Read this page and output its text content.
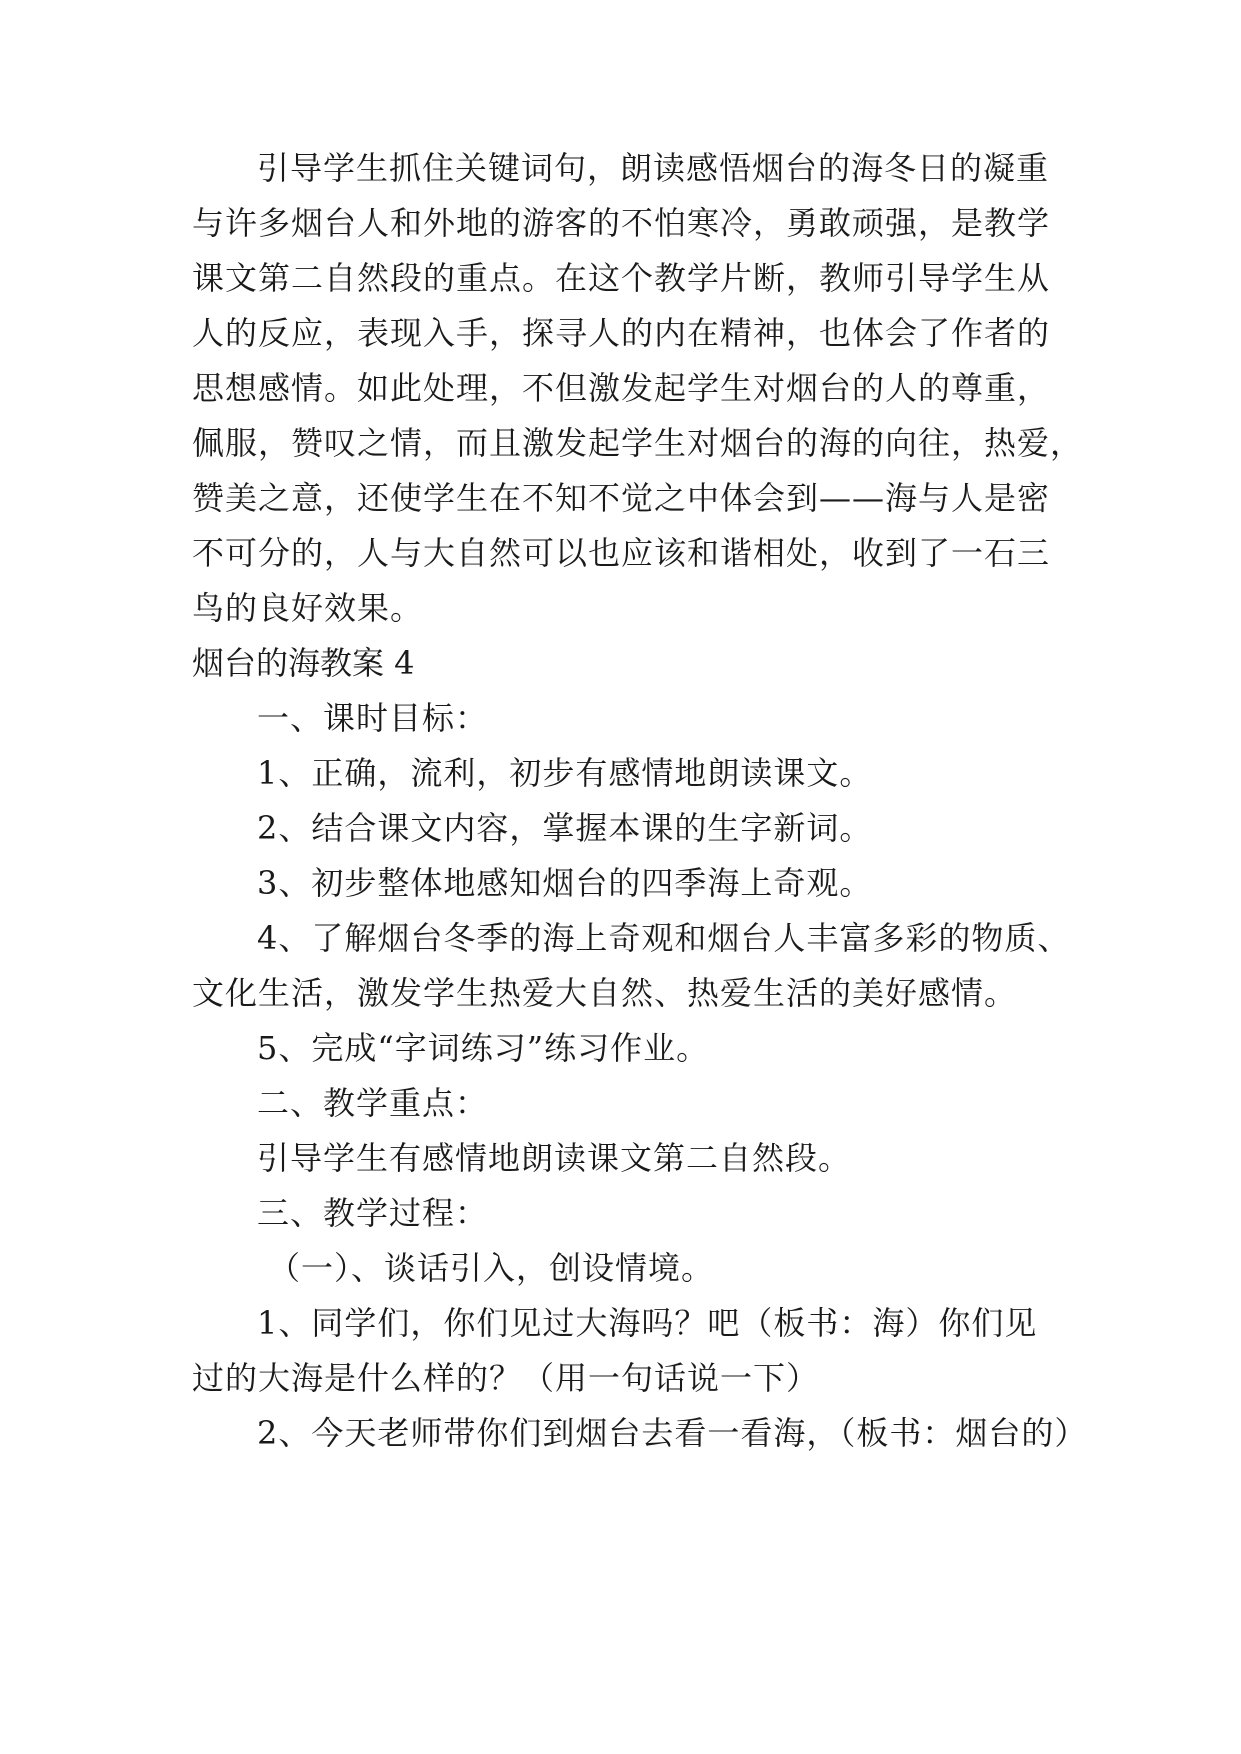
引导学生抓住关键词句，朗读感悟烟台的海冬日的凝重
与许多烟台人和外地的游客的不怕寒冷，勇敢顽强，是教学
课文第二自然段的重点。在这个教学片断，教师引导学生从
人的反应，表现入手，探寻人的内在精神，也体会了作者的
思想感情。如此处理，不但激发起学生对烟台的人的尊重，
佩服，赞叹之情，而且激发起学生对烟台的海的向往，热爱，
赞美之意，还使学生在不知不觉之中体会到——海与人是密
不可分的，人与大自然可以也应该和谐相处，收到了一石三
鸟的良好效果。
烟台的海教案 4
一、课时目标：
1、正确，流利，初步有感情地朗读课文。
2、结合课文内容，掌握本课的生字新词。
3、初步整体地感知烟台的四季海上奇观。
4、了解烟台冬季的海上奇观和烟台人丰富多彩的物质、
文化生活，激发学生热爱大自然、热爱生活的美好感情。
5、完成“字词练习”练习作业。
二、教学重点：
引导学生有感情地朗读课文第二自然段。
三、教学过程：
（一）、谈话引入，创设情境。
1、同学们，你们见过大海吗？吧（板书：海）你们见
过的大海是什么样的？（用一句话说一下）
2、今天老师带你们到烟台去看一看海，（板书：烟台的）
